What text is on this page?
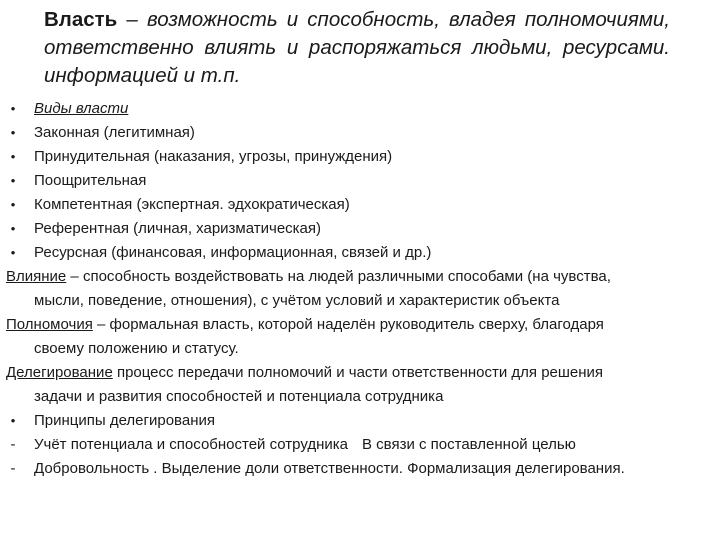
Власть – возможность и способность, владея полномочиями, ответственно влиять и распоряжаться людьми, ресурсами. информацией и т.п.
•	Виды власти
•	Законная (легитимная)
•	Принудительная (наказания, угрозы, принуждения)
•	Поощрительная
•	Компетентная (экспертная. эдхократическая)
•	Референтная (личная, харизматическая)
•	Ресурсная (финансовая, информационная, связей и др.)
Влияние – способность воздействовать на людей различными способами (на чувства,
мысли, поведение, отношения), с учётом условий и характеристик объекта
Полномочия – формальная власть, которой наделён руководитель сверху, благодаря
своему положению и статусу.
Делегирование процесс передачи полномочий и части ответственности для решения
задачи и развития способностей и потенциала сотрудника
•	Принципы делегирования
-	Учёт потенциала и способностей сотрудника В связи с поставленной целью
-	Добровольность . Выделение доли ответственности. Формализация делегирования.
